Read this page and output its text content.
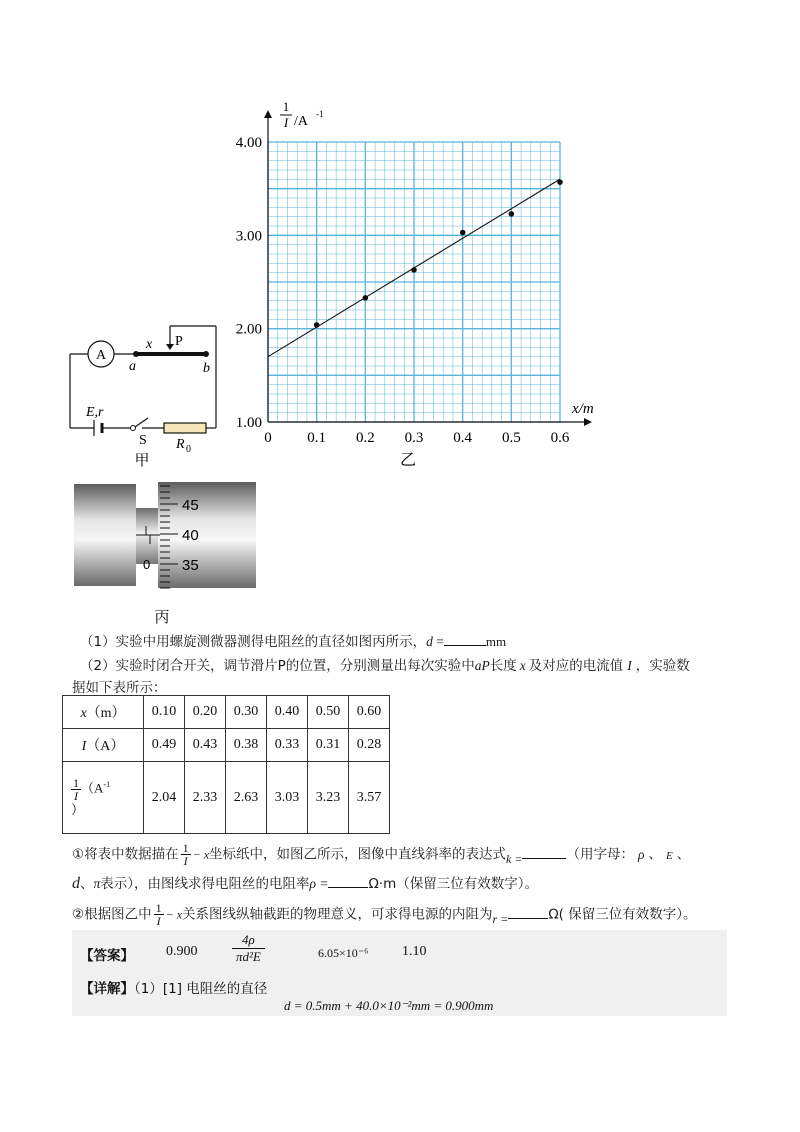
0 0.1 0.2 0.3 0.4 0.5 0.6
1.00
2.00
3.00
4.00
1
I /A -1
x/m
乙
A
x P
a	b
E,r
S R 0
甲
0
45
40
35
丙
（1）实验中用螺旋测微器测得电阻丝的直径如图丙所示，d =	mm
（2）实验时闭合开关，调节滑片P的位置，分别测量出每次实验中aP长度 x 及对应的电流值 I ，实验数
据如下表所示：
x（m）	0.10	0.20	0.30	0.40	0.50	0.60
I（A）	0.49	0.43	0.38	0.33	0.31	0.28

$\frac{1}{I} (A^{-1}$
）	2.04	2.33	2.63	3.03	3.23	3.57
①将表中数据描在 $\frac{1}{I} - x$坐标纸中，如图乙所示，图像中直线斜率的表达式k =	（用字母： ρ 、 E 、
d、π表示），由图线求得电阻丝的电阻率ρ =	Ω·m（保留三位有效数字）。
②根据图乙中 $\frac{1}{I} - x$关系图线纵轴截距的物理意义，可求得电源的内阻为r =	Ω( 保留三位有效数字）。
【答案】 0.900
4ρ
πd²E	6.05×10⁻⁶ 1.10
【详解】（1）[1] 电阻丝的直径
d = 0.5mm + 40.0×10⁻²mm = 0.900mm
